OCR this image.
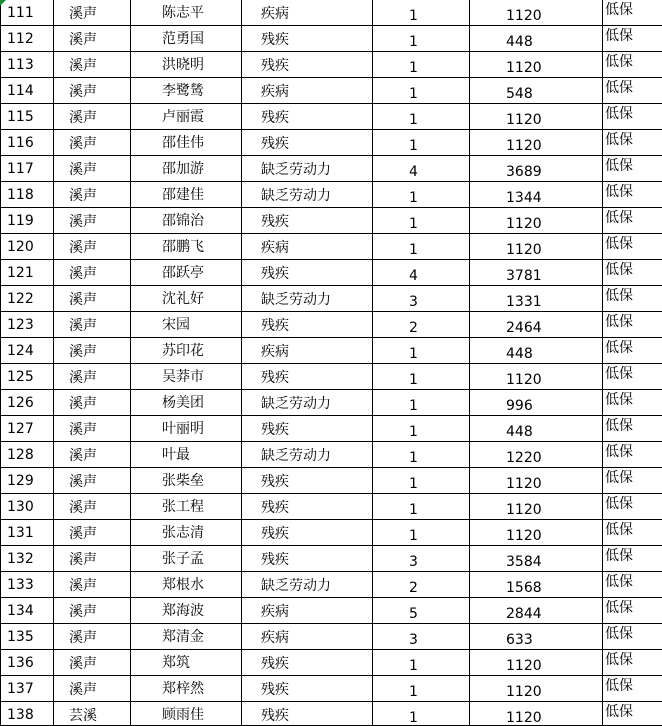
111	溪声	陈志平	疾病	1	1120	低保
112	溪声	范勇国	残疾	1	448	低保
113	溪声	洪晓明	残疾	1	1120	低保
114	溪声	李鹭鸶	疾病	1	548	低保
115	溪声	卢丽霞	残疾	1	1120	低保
116	溪声	邵佳伟	残疾	1	1120	低保
117	溪声	邵加游	缺乏劳动力	4	3689	低保
118	溪声	邵建佳	缺乏劳动力	1	1344	低保
119	溪声	邵锦治	残疾	1	1120	低保
120	溪声	邵鹏飞	疾病	1	1120	低保
121	溪声	邵跃亭	残疾	4	3781	低保
122	溪声	沈礼好	缺乏劳动力	3	1331	低保
123	溪声	宋园	残疾	2	2464	低保
124	溪声	苏印花	疾病	1	448	低保
125	溪声	吴莽市	残疾	1	1120	低保
126	溪声	杨美团	缺乏劳动力	1	996	低保
127	溪声	叶丽明	残疾	1	448	低保
128	溪声	叶最	缺乏劳动力	1	1220	低保
129	溪声	张柴垒	残疾	1	1120	低保
130	溪声	张工程	残疾	1	1120	低保
131	溪声	张志清	残疾	1	1120	低保
132	溪声	张子孟	残疾	3	3584	低保
133	溪声	郑根水	缺乏劳动力	2	1568	低保
134	溪声	郑海波	疾病	5	2844	低保
135	溪声	郑清金	疾病	3	633	低保
136	溪声	郑筑	残疾	1	1120	低保
137	溪声	郑梓然	残疾	1	1120	低保
138	芸溪	顾雨佳	残疾	1	1120	低保
